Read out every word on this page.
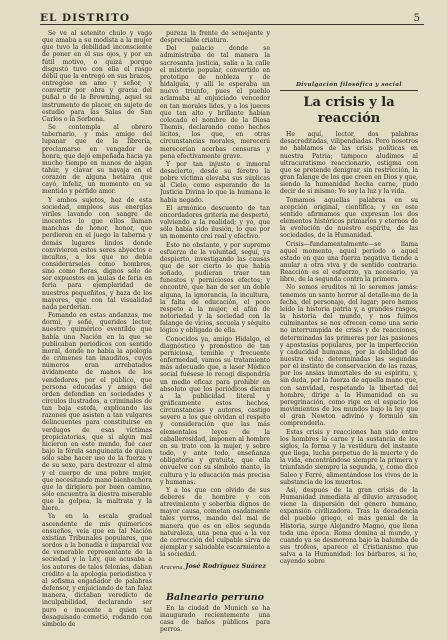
EL DISTRITO	5

Se ve al setenito chulo y vago que amaba a su modista a la mujer que tuvo la debilidad inconsciente de poner en él sus ojos, y por un fútil motivo, o quizá porque disgustó tuvo con ella el rasgo débil que la entregó en sus brazos, entregóse en amo y señor, y convertir por obra y gracia del puñal o de la Browning, aquel su instrumento de placer, en sujeto de estudio para las Salas de San Carlos o la Sorbona.

Se contempla al obrero tabernario, y más amigo del lupanar que de la librería, proclamarse en vengador de honra, que dejó empeñada hacia ya mucho tiempo en manos de algún tahúr, y clavar su navaja en el corazón de alguna hetaira que cayó, infeliz, un momento en su mentido y pérfido amor.

Y ambos sujetos, hez de esta sociedad, empleos sus energías viriles lavando con sangre de inocentes lo que ellos llaman manchas de honor, honor, que perdieron en el juego la taberna y demás lugares lindos donde convivieron estos seres abyectos e incultos, a los que no debía considerárseles como hombres, sino como fieras, dignos sólo de ser expuestos en jaulas de feria en feria para ejemplaridad de nuestros pequeñitos, y haza de los mayores, que con tal visualidad nada perderían.

Fomando en estas andanzas, me dormí, y soñé, queridos lector, nuestro quimérico eventíldo que había una Nación en la que se publicaban periódicos con sentido moral, donde no había la apología de crímenes tan inauditos, cuyos números eran arrebatados ávidamente de manos de los vendedores, por el público, que persona educadas y amigo del orden defendían en sociedades y círculos ilustrados, a criminales de tan baja estofa, explicando las razones que asisten a tan vulgares delincuentes para constituirse en verdugos de esas víctimas propiciatorias, que si algún mal hicieron en este mundo, fué caer bajo la férula sanguinaria de quien sólo sabe hacer uso de la fuerza y de su sexo, para destrozar el alma y el cuerpo de una pobre mujer, que necesitando mano bienhechora que la dirigiera por buen camino, sólo encuentra la diestra miserable que la golpea, la maltrata y la hiere.

Ya en la escala gradual ascendente de mis quimericos ensueños, veía que en tal Nación existían Tribunales populares, que sordos a la bonadía e imparcial voz de venerable representante de la sociedad y la Ley, que acusaba a los autores de tales felonías, daban crédito a la apología periodística y al sofisma engañador de palabras defensor, y enjuiciando de tan falaz manera, dictaban veredicto de inculpabilidad, declarando ser puro e inocente a quien tal desaguisado cometió, rodando con símbolo de

pureza la frente de semejante y despreciable criatura.

Del palacio donde se administraba de tal manera la sacrosanta justicia, salía a la calle el misterio popular, convertido en prototipo de nobleza y de hidalguía, y allí le esperaba un nuevo triunfo, pues el pueblo aclamaba al enjuiciado vencedor en tan morales lides, y a los jueces que tan alto y brillante habían colocado el nombre de la Diosa Themis, declarando como hechos lícitos, los que, en otras circunstancias morales, merecerá merecerían acerbas censuras y pena efectivamente grave.

Y por tan injusto e inmoral desacierto, desde su féretro la pobre víctima elevaba sus súplicas al Cielo, como esperando de la Justicia Divina lo que la humana le había negado.

El armónico descuento de tan encordadores gritería me despertó, volviendo a la realidad; y yo, que sólo había sido ilusión, lo que por un momento creí real y efectivo.

Esto no obstante, y por supremo esfuerzo de la voluntad, seguí, ya despierto, investigando las causas que de ser cierto lo que había soñado, pudieran traer tan funestos y perniciosos efectos; y encontré, que han de ser un doble alguna, la ignorancia, la incultura, la falta de educación, el poco respeto a la mujer, el afán de notoriedad y la sociedad con la falange de vicios, secuela y séquito lógico y obligado de ella.

Conocidos ya, amigo Hidalgo, el diagnóstico y pronóstico de tan perniciosa, temible y frecuente enfermedad, vamos su tratamiento más adecuado que, a laser Médico social fuésese lo recogí dispondría un medio eficaz para prohibir en absoluto que los periódicos dieran a la publicidad literal y gráficamente estos hechos, circunstancias y autores, castigo severo a los que olvidan el respeto y consideración que las más elementales leyes de la caballerosidad, imponen al hombre en su trato con la mujer, y sobre todo, y ante todo, enseñanza obligatoria y gratuita, que ella envuelve con su símbolo manto, la cultura y la educación más precisa y humanas.

Y a los que con olvido de sus deberes de hombre y con atrevimiento y soberbia dignos de mayor causa, cometan osadamente tales yerros, mando del mal de manera que es en ellos segunda naturaleza, una pena que a la vez de corrección del culpable sirva de ejemplar y saludable escarmiento a la sociedad.

José Rodríguez Suárez
Aracena.
Balneario perruno

En la ciudad de Munich se ha inaugurado recientemente una casa de baños públicos para perros.

Divulgación filosófica y social
La crisis y la reacción

He aquí, lector, dos palabras desacreditadas, vilipendiadas. Pero nosotros no hablamos de las crisis políticas en nuestra Patria; tampoco aludimos al ultracuratismo reaccionario, estigma con que se pretende denigrar, sin restricción, la gran falange de los que creen en Dios y que, siendo la humanidad hecha carne, pudo decir de sí mismo: Yo soy la luz y la vida.

Tomamos aquellas palabras en su acepción original, científica; y en este sentido afirmamos que expresan los dos elementos históricos primarios y eternos de la evolución de nuestro espíritu, de las sociedades, de la Humanidad.

Crisis—fundamentalmente—se llama aquel momento, aquel período o aquel estado en que una fuerza negativa tiende a anular a otra viva y de sentido contrario. Reacción es el esfuerzo, ya necesario, ya libre, de la segunda contra la primera.

No somos eruditos ni lo seremos jamás: tenemos un santo horror al detalle-mo de la fecha, del personaje, del lugar; pero hemos leído la historia patria y, a grandes rasgos, la historia del mundo, y nos fuimos culminantes se nos ofrecen como una serie no interrumpida de crisis y de reacciones, determinadas las primeras por las pasiones y apostasías populares, por la imperfección y caducidad humanas, por la debilidad de nuestra vida; determinadas las segundas por el instinto de conservación de las razas, por los ansias inmortales de su espíritu, y, sin duda, por la fuerza de aquella mano que, con sanvidad, respetando la libertad del hombre, dirige a la Humanidad en su peregrinación, como rige en el espacio los movimientos de los mundos bajo la ley que el gran Newton adivinó y formuló sin comprenderla.

Estas crisis y reacciones han sido entre los hombres la carne y la sustancia de los siglos, la forma y la vestidura del instante que llega, lucha perpetua de la muerte y de la vida, encontrándose siempre la primera y triunfando siempre la segunda, y, como dice Saleo y Ferré, alimentándose los vivos de la substancia de los muertos.

Así, después de la gran crisis de la Humanidad inmediata al diluvio arrasador, viene la dispersión del género humano, expansión civilizadora. Tras la decadencia del pueblo griego, el más genial de la Historia, surge Alejandro Magno, que llena toda una época. Roma domina al mundo, y cuando ya se desmorona bajo la balumba de sus trofeos, aparece el Cristianismo que salva a la Humanidad: los bárbaros, si no, cayendo sobre
